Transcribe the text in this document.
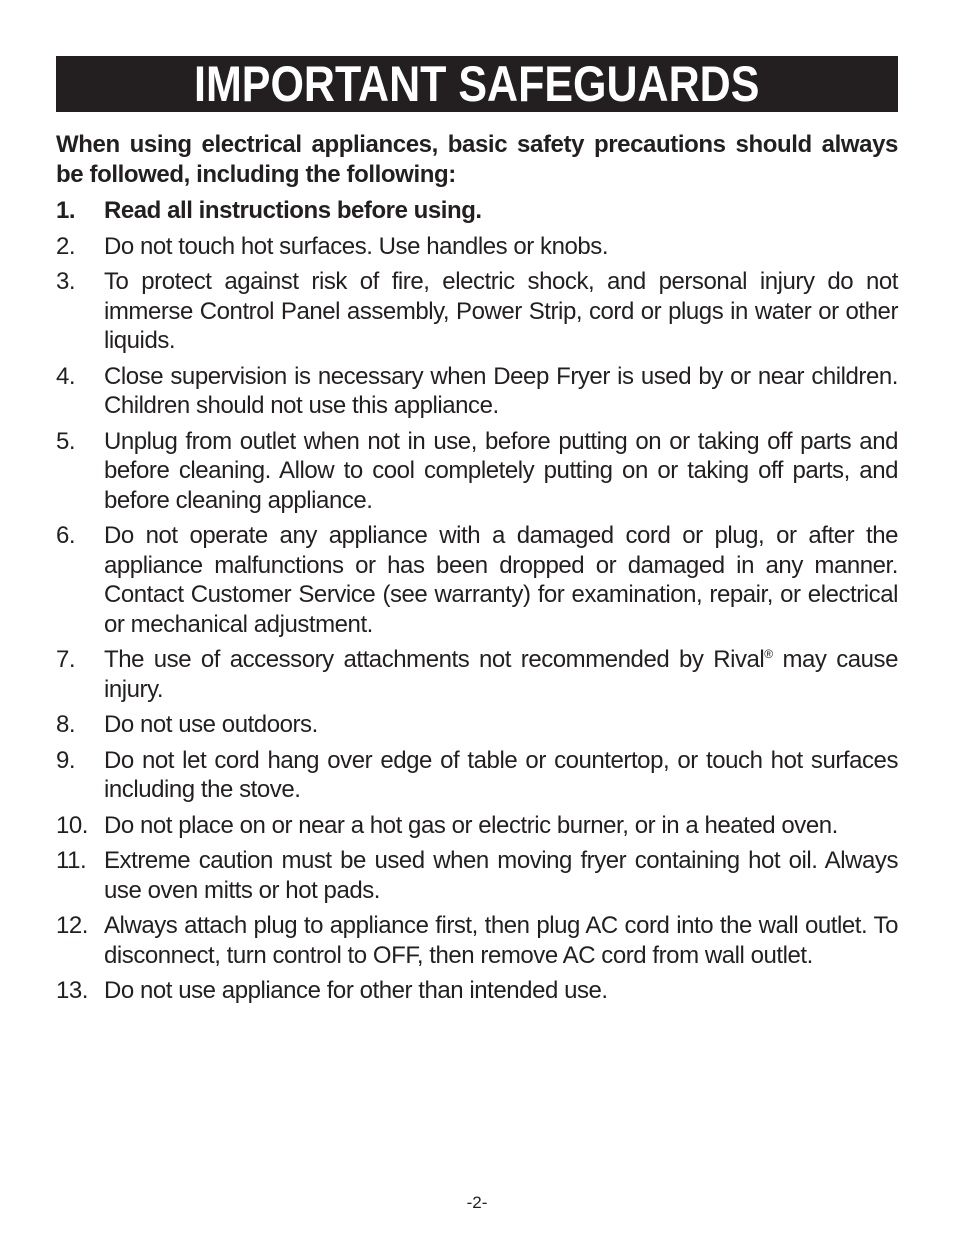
IMPORTANT SAFEGUARDS

When using electrical appliances, basic safety precautions should always be followed, including the following:

1.	Read all instructions before using.
2.	Do not touch hot surfaces. Use handles or knobs.
3.	To protect against risk of fire, electric shock, and personal injury do not immerse Control Panel assembly, Power Strip, cord or plugs in water or other liquids.
4.	Close supervision is necessary when Deep Fryer is used by or near children. Children should not use this appliance.
5.	Unplug from outlet when not in use, before putting on or taking off parts and before cleaning. Allow to cool completely putting on or taking off parts, and before cleaning appliance.
6.	Do not operate any appliance with a damaged cord or plug, or after the appliance malfunctions or has been dropped or damaged in any manner. Contact Customer Service (see warranty) for examination, repair, or electrical or mechanical adjustment.
7.	The use of accessory attachments not recommended by Rival® may cause injury.
8.	Do not use outdoors.
9.	Do not let cord hang over edge of table or countertop, or touch hot surfaces including the stove.
10. Do not place on or near a hot gas or electric burner, or in a heated oven.
11. Extreme caution must be used when moving fryer containing hot oil. Always use oven mitts or hot pads.
12. Always attach plug to appliance first, then plug AC cord into the wall outlet. To disconnect, turn control to OFF, then remove AC cord from wall outlet.
13. Do not use appliance for other than intended use.
-2-
